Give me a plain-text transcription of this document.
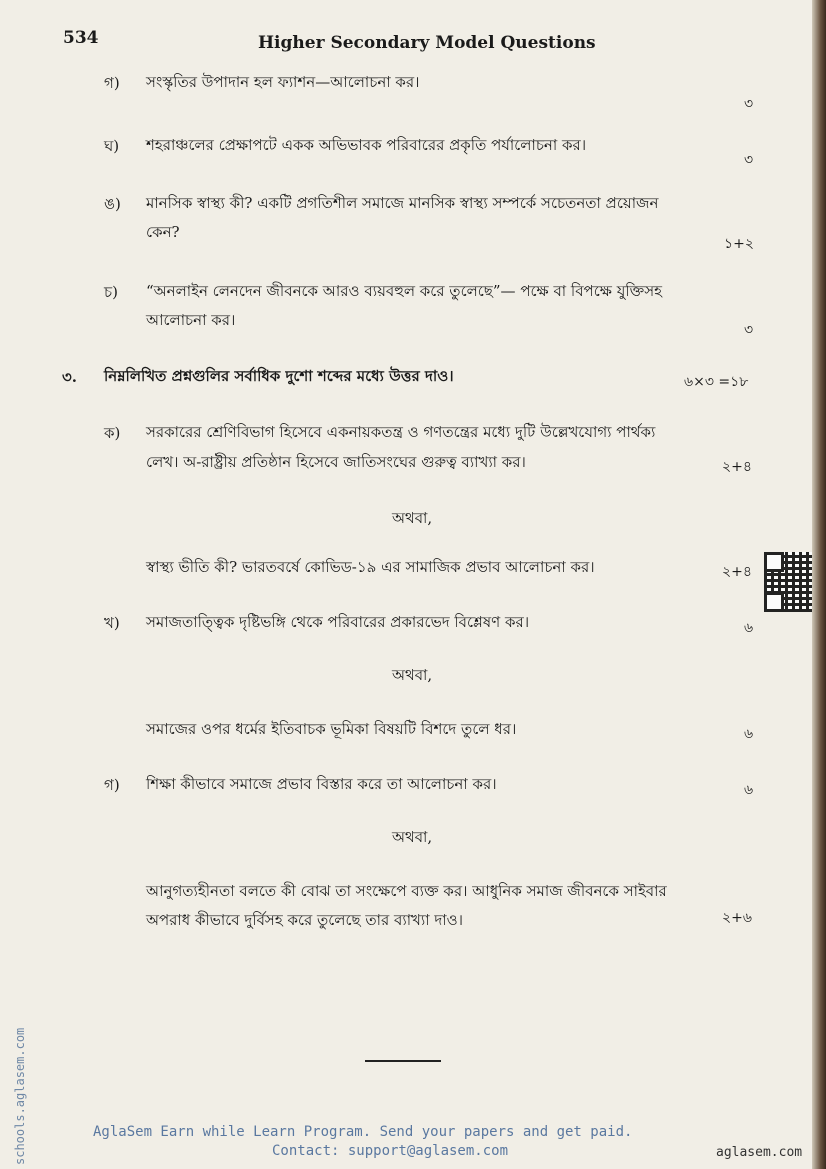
534	Higher Secondary Model Questions
গ) সংস্কৃতির উপাদান হল ফ্যাশন—আলোচনা কর।
৩
ঘ) শহরাঞ্চলের প্রেক্ষাপটে একক অভিভাবক পরিবারের প্রকৃতি পর্যালোচনা কর।
৩
ঙ) মানসিক স্বাস্থ্য কী? একটি প্রগতিশীল সমাজে মানসিক স্বাস্থ্য সম্পর্কে সচেতনতা প্রয়োজন
কেন?
১+২
চ) “অনলাইন লেনদেন জীবনকে আরও ব্যয়বহুল করে তুলেছে”— পক্ষে বা বিপক্ষে যুক্তিসহ
আলোচনা কর।
৩
৩. নিম্নলিখিত প্রশ্নগুলির সর্বাধিক দুশো শব্দের মধ্যে উত্তর দাও।	৬×৩ =১৮
ক) সরকারের শ্রেণিবিভাগ হিসেবে একনায়কতন্ত্র ও গণতন্ত্রের মধ্যে দুটি উল্লেখযোগ্য পার্থক্য
লেখ। অ-রাষ্ট্রীয় প্রতিষ্ঠান হিসেবে জাতিসংঘের গুরুত্ব ব্যাখ্যা কর।	২+৪
অথবা,
স্বাস্থ্য ভীতি কী? ভারতবর্ষে কোভিড-১৯ এর সামাজিক প্রভাব আলোচনা কর।	২+৪
খ) সমাজতাত্ত্বিক দৃষ্টিভঙ্গি থেকে পরিবারের প্রকারভেদ বিশ্লেষণ কর।	৬
অথবা,
সমাজের ওপর ধর্মের ইতিবাচক ভূমিকা বিষয়টি বিশদে তুলে ধর।	৬
গ) শিক্ষা কীভাবে সমাজে প্রভাব বিস্তার করে তা আলোচনা কর।	৬
অথবা,
আনুগত্যহীনতা বলতে কী বোঝ তা সংক্ষেপে ব্যক্ত কর। আধুনিক সমাজ জীবনকে সাইবার
অপরাধ কীভাবে দুর্বিসহ করে তুলেছে তার ব্যাখ্যা দাও।	২+৬
schools.aglasem.com	AglaSem Earn while Learn Program. Send your papers and get paid.
Contact: support@aglasem.com	aglasem.com
